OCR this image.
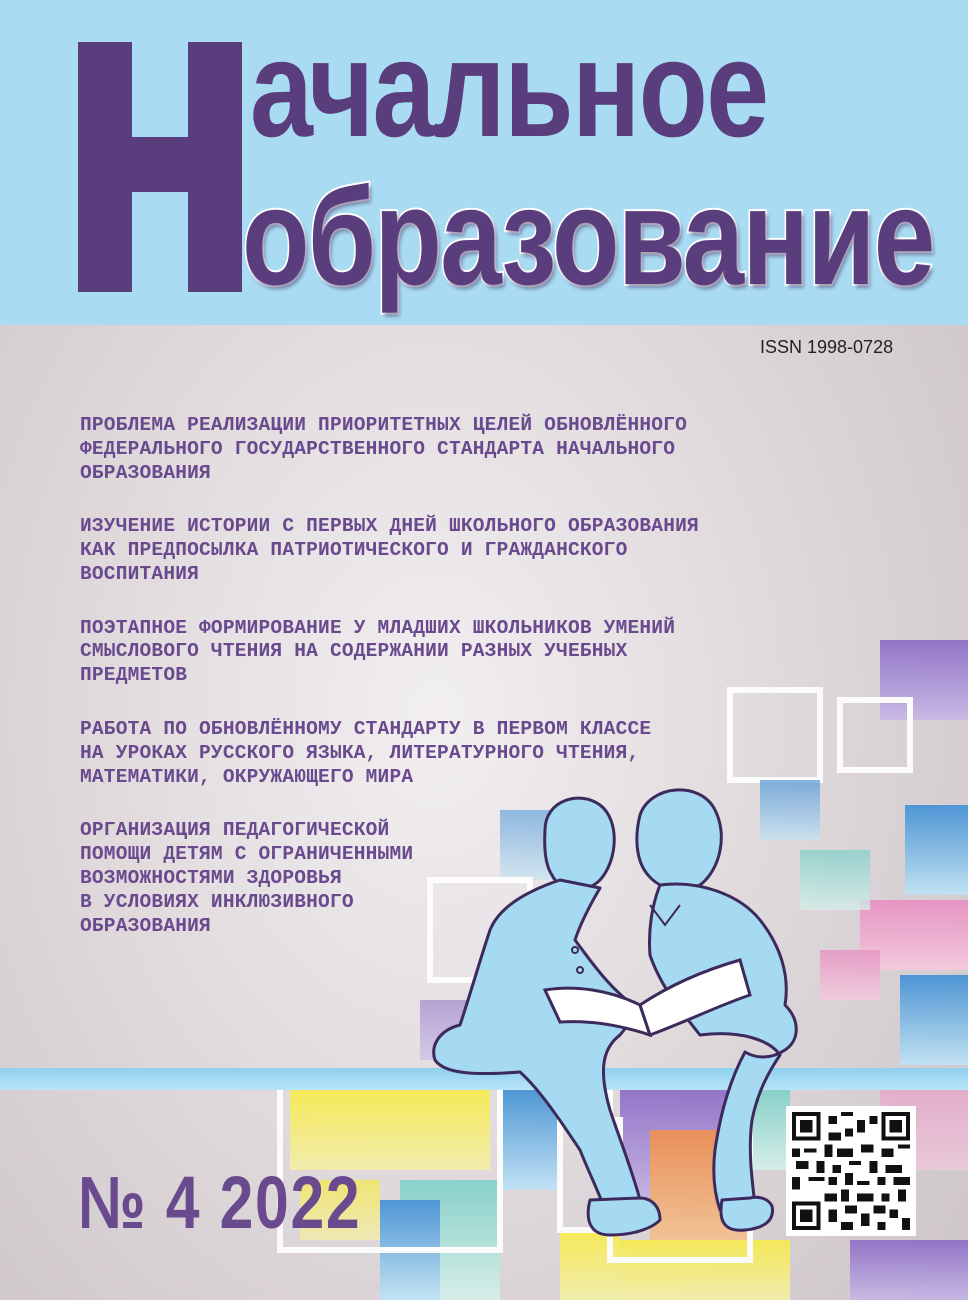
ачальное
образование
ISSN 1998-0728
ПРОБЛЕМА РЕАЛИЗАЦИИ ПРИОРИТЕТНЫХ ЦЕЛЕЙ ОБНОВЛЁННОГО
ФЕДЕРАЛЬНОГО ГОСУДАРСТВЕННОГО СТАНДАРТА НАЧАЛЬНОГО
ОБРАЗОВАНИЯ
ИЗУЧЕНИЕ ИСТОРИИ С ПЕРВЫХ ДНЕЙ ШКОЛЬНОГО ОБРАЗОВАНИЯ
КАК ПРЕДПОСЫЛКА ПАТРИОТИЧЕСКОГО И ГРАЖДАНСКОГО
ВОСПИТАНИЯ
ПОЭТАПНОЕ ФОРМИРОВАНИЕ У МЛАДШИХ ШКОЛЬНИКОВ УМЕНИЙ
СМЫСЛОВОГО ЧТЕНИЯ НА СОДЕРЖАНИИ РАЗНЫХ УЧЕБНЫХ
ПРЕДМЕТОВ
РАБОТА ПО ОБНОВЛЁННОМУ СТАНДАРТУ В ПЕРВОМ КЛАССЕ
НА УРОКАХ РУССКОГО ЯЗЫКА, ЛИТЕРАТУРНОГО ЧТЕНИЯ,
МАТЕМАТИКИ, ОКРУЖАЮЩЕГО МИРА
ОРГАНИЗАЦИЯ ПЕДАГОГИЧЕСКОЙ
ПОМОЩИ ДЕТЯМ С ОГРАНИЧЕННЫМИ
ВОЗМОЖНОСТЯМИ ЗДОРОВЬЯ
В УСЛОВИЯХ ИНКЛЮЗИВНОГО
ОБРАЗОВАНИЯ
№ 4 2022
